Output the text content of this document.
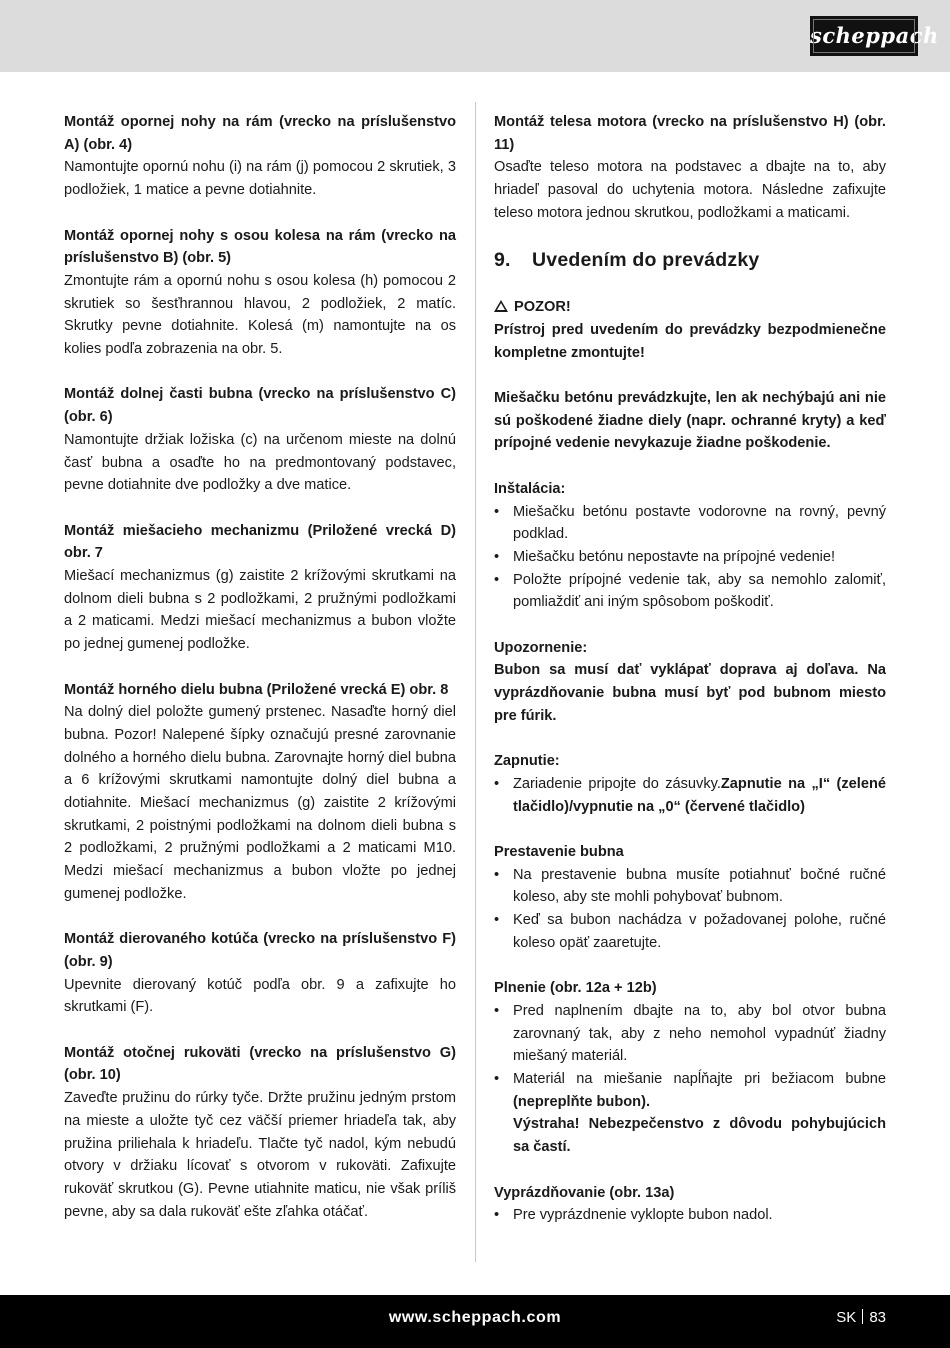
scheppach

Montáž opornej nohy na rám (vrecko na príslušenstvo A) (obr. 4)

Namontujte opornú nohu (i) na rám (j) pomocou 2 skrutiek, 3 podložiek, 1 matice a pevne dotiahnite.

Montáž opornej nohy s osou kolesa na rám (vrecko na príslušenstvo B) (obr. 5)

Zmontujte rám a opornú nohu s osou kolesa (h) pomocou 2 skrutiek so šesťhrannou hlavou, 2 podložiek, 2 matíc. Skrutky pevne dotiahnite. Kolesá (m) namontujte na os kolies podľa zobrazenia na obr. 5.

Montáž dolnej časti bubna (vrecko na príslušenstvo C) (obr. 6)

Namontujte držiak ložiska (c) na určenom mieste na dolnú časť bubna a osaďte ho na predmontovaný podstavec, pevne dotiahnite dve podložky a dve matice.

Montáž miešacieho mechanizmu (Priložené vrecká D) obr. 7

Miešací mechanizmus (g) zaistite 2 krížovými skrutkami na dolnom dieli bubna s 2 podložkami, 2 pružnými podložkami a 2 maticami. Medzi miešací mechanizmus a bubon vložte po jednej gumenej podložke.

Montáž horného dielu bubna (Priložené vrecká E) obr. 8

Na dolný diel položte gumený prstenec. Nasaďte horný diel bubna. Pozor! Nalepené šípky označujú presné zarovnanie dolného a horného dielu bubna. Zarovnajte horný diel bubna a 6 krížovými skrutkami namontujte dolný diel bubna a dotiahnite. Miešací mechanizmus (g) zaistite 2 krížovými skrutkami, 2 poistnými podložkami na dolnom dieli bubna s 2 podložkami, 2 pružnými podložkami a 2 maticami M10. Medzi miešací mechanizmus a bubon vložte po jednej gumenej podložke.

Montáž dierovaného kotúča (vrecko na príslušenstvo F) (obr. 9)

Upevnite dierovaný kotúč podľa obr. 9 a zafixujte ho skrutkami (F).

Montáž otočnej rukoväti (vrecko na príslušenstvo G) (obr. 10)

Zaveďte pružinu do rúrky tyče. Držte pružinu jedným prstom na mieste a uložte tyč cez väčší priemer hriadeľa tak, aby pružina priliehala k hriadeľu. Tlačte tyč nadol, kým nebudú otvory v držiaku lícovať s otvorom v rukoväti. Zafixujte rukoväť skrutkou (G). Pevne utiahnite maticu, nie však príliš pevne, aby sa dala rukoväť ešte zľahka otáčať.

Montáž telesa motora (vrecko na príslušenstvo H) (obr. 11)

Osaďte teleso motora na podstavec a dbajte na to, aby hriadeľ pasoval do uchytenia motora. Následne zafixujte teleso motora jednou skrutkou, podložkami a maticami.

9. Uvedením do prevádzky

POZOR!

Prístroj pred uvedením do prevádzky bezpodmienečne kompletne zmontujte!

Miešačku betónu prevádzkujte, len ak nechýbajú ani nie sú poškodené žiadne diely (napr. ochranné kryty) a keď prípojné vedenie nevykazuje žiadne poškodenie.

Inštalácia:

• Miešačku betónu postavte vodorovne na rovný, pevný podklad.
• Miešačku betónu nepostavte na prípojné vedenie!
• Položte prípojné vedenie tak, aby sa nemohlo zalomiť, pomliaždiť ani iným spôsobom poškodiť.

Upozornenie:

Bubon sa musí dať vyklápať doprava aj doľava. Na vyprázdňovanie bubna musí byť pod bubnom miesto pre fúrik.

Zapnutie:

• Zariadenie pripojte do zásuvky.Zapnutie na „I“ (zelené tlačidlo)/vypnutie na „0“ (červené tlačidlo)

Prestavenie bubna

• Na prestavenie bubna musíte potiahnuť bočné ručné koleso, aby ste mohli pohybovať bubnom.
• Keď sa bubon nachádza v požadovanej polohe, ručné koleso opäť zaaretujte.

Plnenie (obr. 12a + 12b)

• Pred naplnením dbajte na to, aby bol otvor bubna zarovnaný tak, aby z neho nemohol vypadnúť žiadny miešaný materiál.
• Materiál na miešanie napĺňajte pri bežiacom bubne (nepreplňte bubon).
Výstraha! Nebezpečenstvo z dôvodu pohybujúcich sa častí.

Vyprázdňovanie (obr. 13a)

• Pre vyprázdnenie vyklopte bubon nadol.
www.scheppach.com	SK 83
